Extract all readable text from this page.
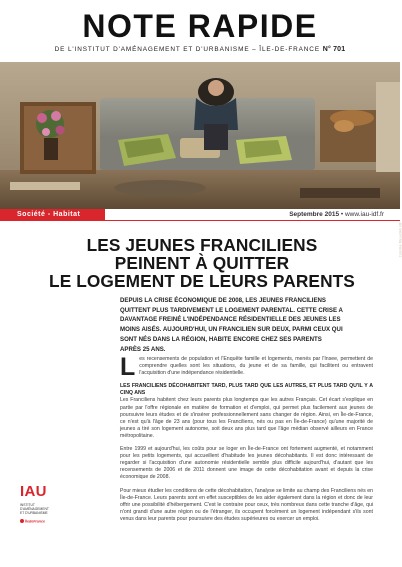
NOTE RAPIDE
DE L'INSTITUT D'AMÉNAGEMENT ET D'URBANISME – ÎLE-DE-FRANCE N° 701
Caroline Rieux/IAU îdF
Société - Habitat	Septembre 2015 • www.iau-idf.fr
LES JEUNES FRANCILIENS
PEINENT À QUITTER
LE LOGEMENT DE LEURS PARENTS

DEPUIS LA CRISE ÉCONOMIQUE DE 2008, LES JEUNES FRANCILIENS QUITTENT PLUS TARDIVEMENT LE LOGEMENT PARENTAL. CETTE CRISE A DAVANTAGE FREINÉ L'INDÉPENDANCE RÉSIDENTIELLE DES JEUNES LES MOINS AISÉS. AUJOURD'HUI, UN FRANCILIEN SUR DEUX, PARMI CEUX QUI SONT NÉS DANS LA RÉGION, HABITE ENCORE CHEZ SES PARENTS APRÈS 25 ANS.

Les recensements de population et l'Enquête famille et logements, menés par l'Insee, permettent de comprendre quelles sont les situations, du jeune et de sa famille, qui facilitent ou entravent l'acquisition d'une indépendance résidentielle.

LES FRANCILIENS DÉCOHABITENT TARD, PLUS TARD QUE LES AUTRES, ET PLUS TARD QU'IL Y A CINQ ANS

Les Franciliens habitent chez leurs parents plus longtemps que les autres Français. Cet écart s'explique en partie par l'offre régionale en matière de formation et d'emploi, qui permet plus facilement aux jeunes de poursuivre leurs études et de s'insérer professionnellement sans changer de région. Ainsi, en Île-de-France, ce n'est qu'à l'âge de 23 ans (pour tous les Franciliens, nés ou pas en Île-de-France) qu'une majorité de jeunes a tiré son logement autonome, soit deux ans plus tard que l'âge médian observé ailleurs en France métropolitaine.

Entre 1999 et aujourd'hui, les coûts pour se loger en Île-de-France ont fortement augmenté, et notamment pour les petits logements, qui accueillent d'habitude les jeunes décohabitants. Il est donc intéressant de regarder si l'acquisition d'une autonomie résidentielle semble plus difficile aujourd'hui, d'autant que les recensements de 2006 et de 2011 donnent une image de cette décohabitation avant et depuis la crise économique de 2008.

Pour mieux étudier les conditions de cette décohabitation, l'analyse se limite au champ des Franciliens nés en Île-de-France. Leurs parents sont en effet susceptibles de les aider également dans la région et donc de leur offrir une possibilité d'hébergement. C'est le contraire pour ceux, très nombreux dans cette tranche d'âge, qui n'ont grandi d'une autre région ou de l'étranger, ils occupent forcément un logement indépendant s'ils sont venus dans leur parents pour poursuivre des études supérieures ou exercer un emploi.

IAU
INSTITUT
D'AMÉNAGEMENT
ET D'URBANISME
ÎledeFrance
